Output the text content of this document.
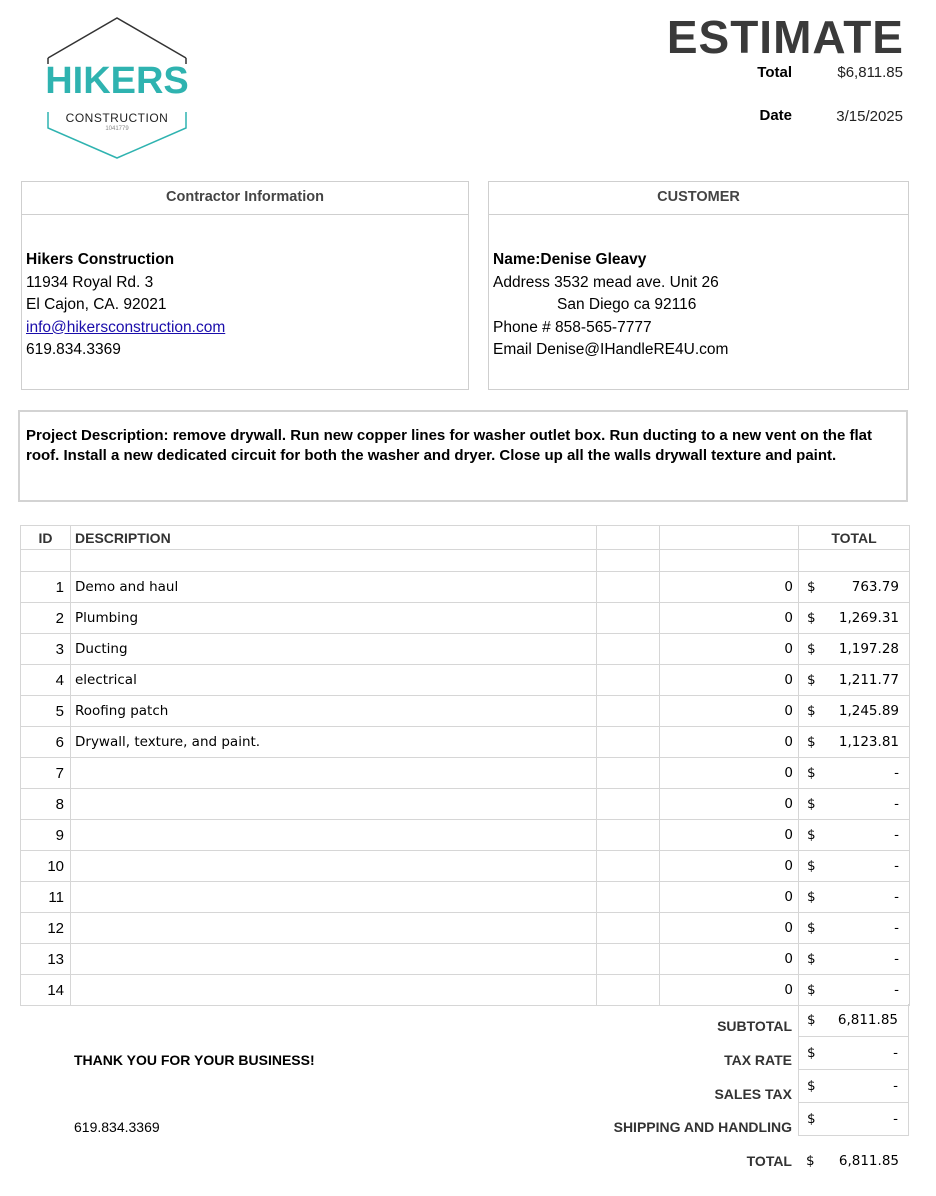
HIKERS
CONSTRUCTION
1041779
ESTIMATE
Total	$6,811.85
Date	3/15/2025
Contractor Information
Hikers Construction
11934 Royal Rd. 3
El Cajon, CA. 92021
info@hikersconstruction.com
619.834.3369
CUSTOMER
Name:Denise Gleavy
Address 3532 mead ave. Unit 26
San Diego ca 92116
Phone # 858-565-7777
Email Denise@IHandleRE4U.com
Project Description: remove drywall. Run new copper lines for washer outlet box. Run ducting to a new vent on the flat roof. Install a new dedicated circuit for both the washer and dryer. Close up all the walls drywall texture and paint.
ID	DESCRIPTION			TOTAL

1	Demo and haul		0	$ 763.79

2	Plumbing		0	$ 1,269.31

3	Ducting		0	$ 1,197.28

4	electrical		0	$ 1,211.77

5	Roofing patch		0	$ 1,245.89

6	Drywall, texture, and paint.		0	$ 1,123.81

7			0	$ -

8			0	$ -

9			0	$ -

10			0	$ -

11			0	$ -

12			0	$ -

13			0	$ -

14			0	$ -
SUBTOTAL	$ 6,811.85
THANK YOU FOR YOUR BUSINESS!	TAX RATE	$	-
SALES TAX	$	-
619.834.3369	SHIPPING AND HANDLING	$	-
TOTAL	$ 6,811.85
